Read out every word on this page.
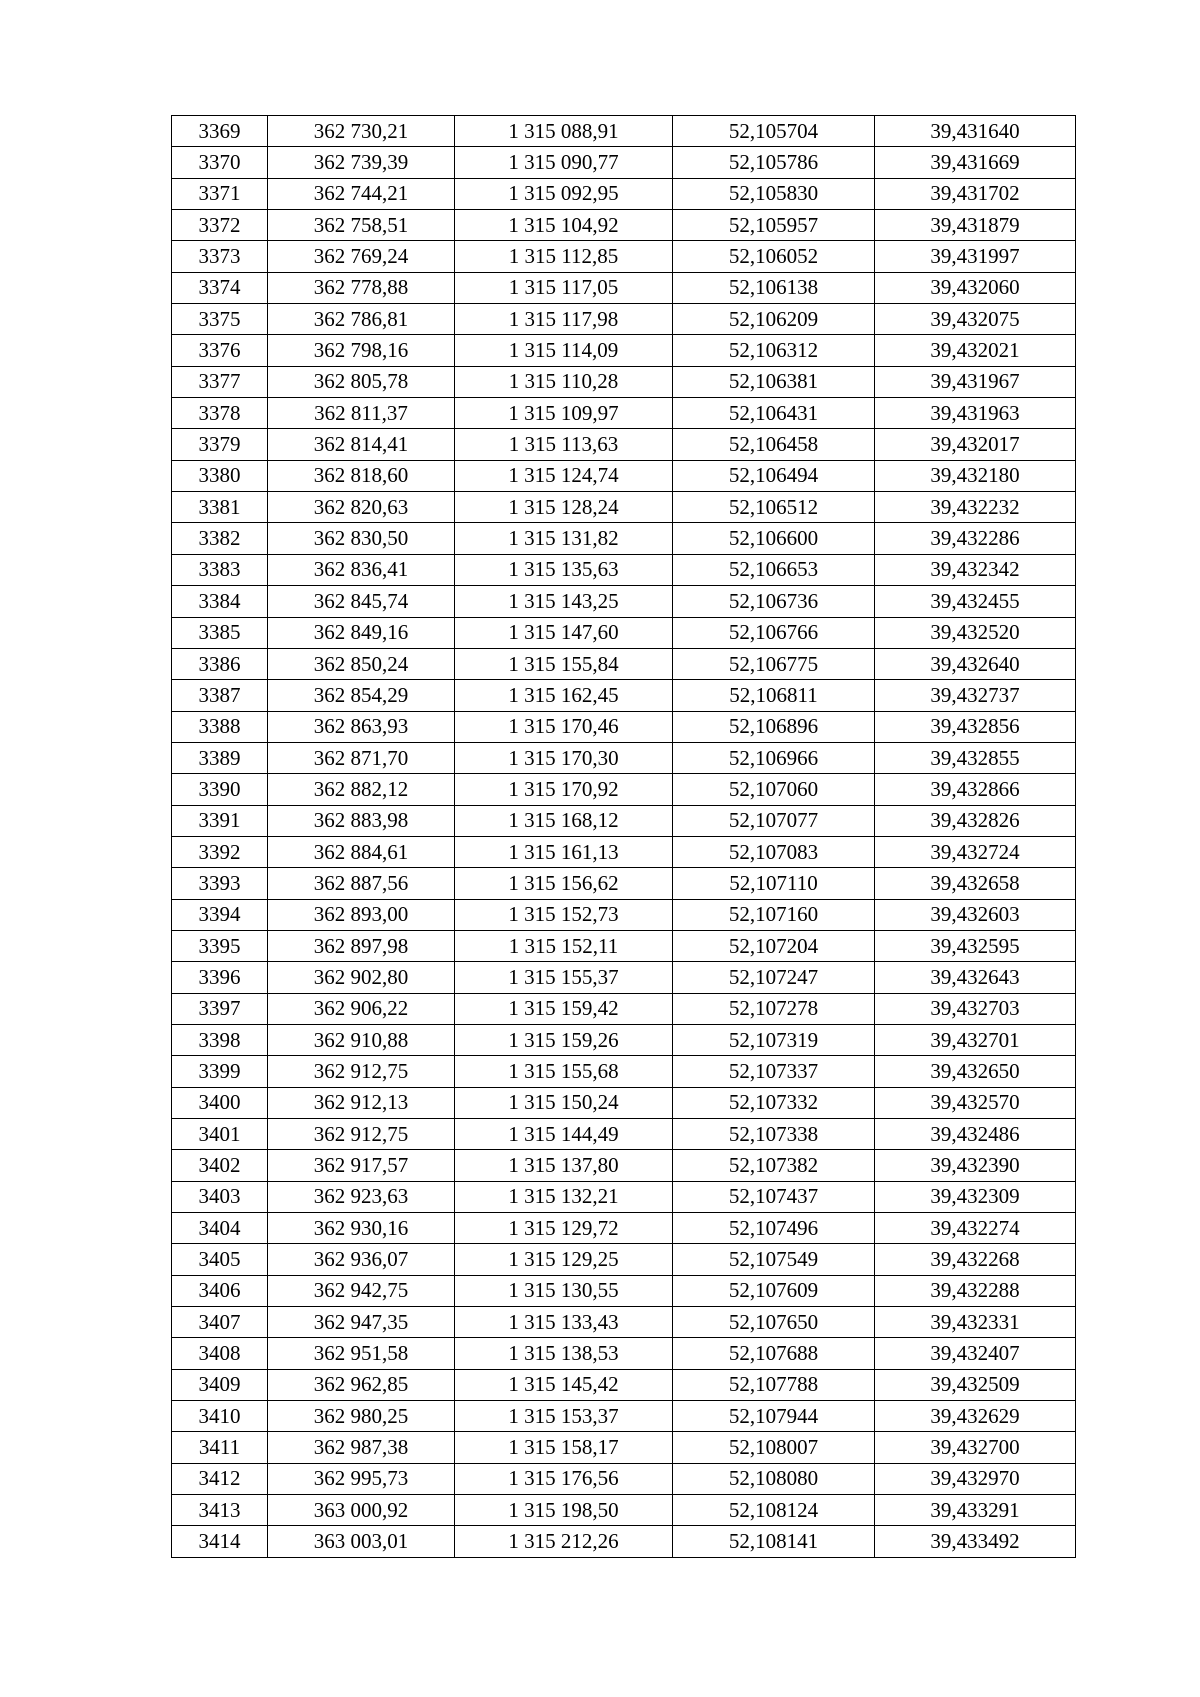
3369	362 730,21	1 315 088,91	52,105704	39,431640
3370	362 739,39	1 315 090,77	52,105786	39,431669
3371	362 744,21	1 315 092,95	52,105830	39,431702
3372	362 758,51	1 315 104,92	52,105957	39,431879
3373	362 769,24	1 315 112,85	52,106052	39,431997
3374	362 778,88	1 315 117,05	52,106138	39,432060
3375	362 786,81	1 315 117,98	52,106209	39,432075
3376	362 798,16	1 315 114,09	52,106312	39,432021
3377	362 805,78	1 315 110,28	52,106381	39,431967
3378	362 811,37	1 315 109,97	52,106431	39,431963
3379	362 814,41	1 315 113,63	52,106458	39,432017
3380	362 818,60	1 315 124,74	52,106494	39,432180
3381	362 820,63	1 315 128,24	52,106512	39,432232
3382	362 830,50	1 315 131,82	52,106600	39,432286
3383	362 836,41	1 315 135,63	52,106653	39,432342
3384	362 845,74	1 315 143,25	52,106736	39,432455
3385	362 849,16	1 315 147,60	52,106766	39,432520
3386	362 850,24	1 315 155,84	52,106775	39,432640
3387	362 854,29	1 315 162,45	52,106811	39,432737
3388	362 863,93	1 315 170,46	52,106896	39,432856
3389	362 871,70	1 315 170,30	52,106966	39,432855
3390	362 882,12	1 315 170,92	52,107060	39,432866
3391	362 883,98	1 315 168,12	52,107077	39,432826
3392	362 884,61	1 315 161,13	52,107083	39,432724
3393	362 887,56	1 315 156,62	52,107110	39,432658
3394	362 893,00	1 315 152,73	52,107160	39,432603
3395	362 897,98	1 315 152,11	52,107204	39,432595
3396	362 902,80	1 315 155,37	52,107247	39,432643
3397	362 906,22	1 315 159,42	52,107278	39,432703
3398	362 910,88	1 315 159,26	52,107319	39,432701
3399	362 912,75	1 315 155,68	52,107337	39,432650
3400	362 912,13	1 315 150,24	52,107332	39,432570
3401	362 912,75	1 315 144,49	52,107338	39,432486
3402	362 917,57	1 315 137,80	52,107382	39,432390
3403	362 923,63	1 315 132,21	52,107437	39,432309
3404	362 930,16	1 315 129,72	52,107496	39,432274
3405	362 936,07	1 315 129,25	52,107549	39,432268
3406	362 942,75	1 315 130,55	52,107609	39,432288
3407	362 947,35	1 315 133,43	52,107650	39,432331
3408	362 951,58	1 315 138,53	52,107688	39,432407
3409	362 962,85	1 315 145,42	52,107788	39,432509
3410	362 980,25	1 315 153,37	52,107944	39,432629
3411	362 987,38	1 315 158,17	52,108007	39,432700
3412	362 995,73	1 315 176,56	52,108080	39,432970
3413	363 000,92	1 315 198,50	52,108124	39,433291
3414	363 003,01	1 315 212,26	52,108141	39,433492
